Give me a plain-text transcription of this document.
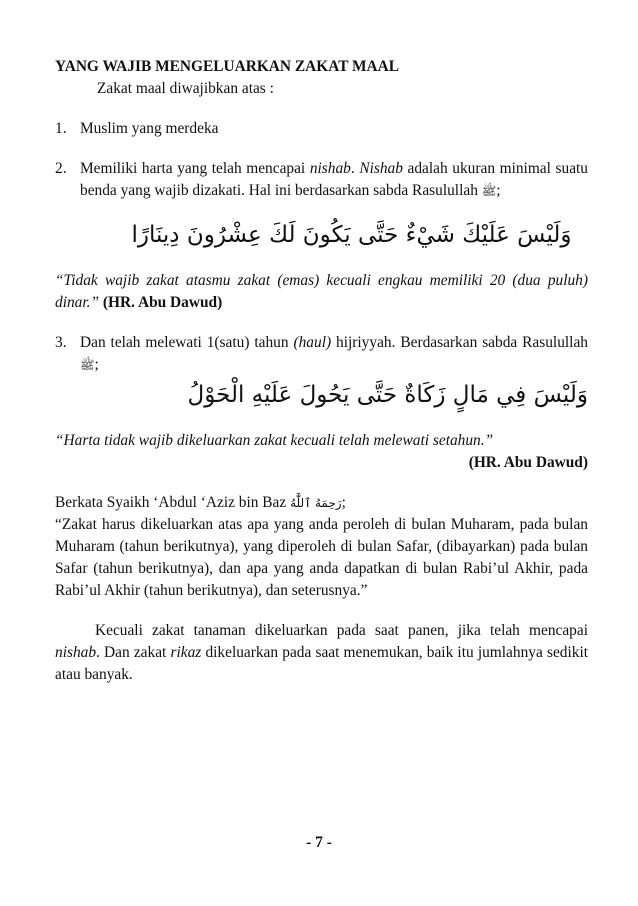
YANG WAJIB MENGELUARKAN ZAKAT MAAL

Zakat maal diwajibkan atas :

1. Muslim yang merdeka
2. Memiliki harta yang telah mencapai nishab. Nishab adalah ukuran minimal suatu benda yang wajib dizakati. Hal ini berdasarkan sabda Rasulullah ﷺ;

وَلَيْسَ عَلَيْكَ شَيْءٌ حَتَّى يَكُونَ لَكَ عِشْرُونَ دِينَارًا

“Tidak wajib zakat atasmu zakat (emas) kecuali engkau memiliki 20 (dua puluh) dinar.” (HR. Abu Dawud)

3. Dan telah melewati 1(satu) tahun (haul) hijriyyah. Berdasarkan sabda Rasulullah ﷺ;

وَلَيْسَ فِي مَالٍ زَكَاةٌ حَتَّى يَحُولَ عَلَيْهِ الْحَوْلُ

“Harta tidak wajib dikeluarkan zakat kecuali telah melewati setahun.”

(HR. Abu Dawud)

Berkata Syaikh ‘Abdul ‘Aziz bin Baz رَحِمَهُ ٱللَّٰهُ;

“Zakat harus dikeluarkan atas apa yang anda peroleh di bulan Muharam, pada bulan Muharam (tahun berikutnya), yang diperoleh di bulan Safar, (dibayarkan) pada bulan Safar (tahun berikutnya), dan apa yang anda dapatkan di bulan Rabi’ul Akhir, pada Rabi’ul Akhir (tahun berikutnya), dan seterusnya.”

Kecuali zakat tanaman dikeluarkan pada saat panen, jika telah mencapai nishab. Dan zakat rikaz dikeluarkan pada saat menemukan, baik itu jumlahnya sedikit atau banyak.

- 7 -
